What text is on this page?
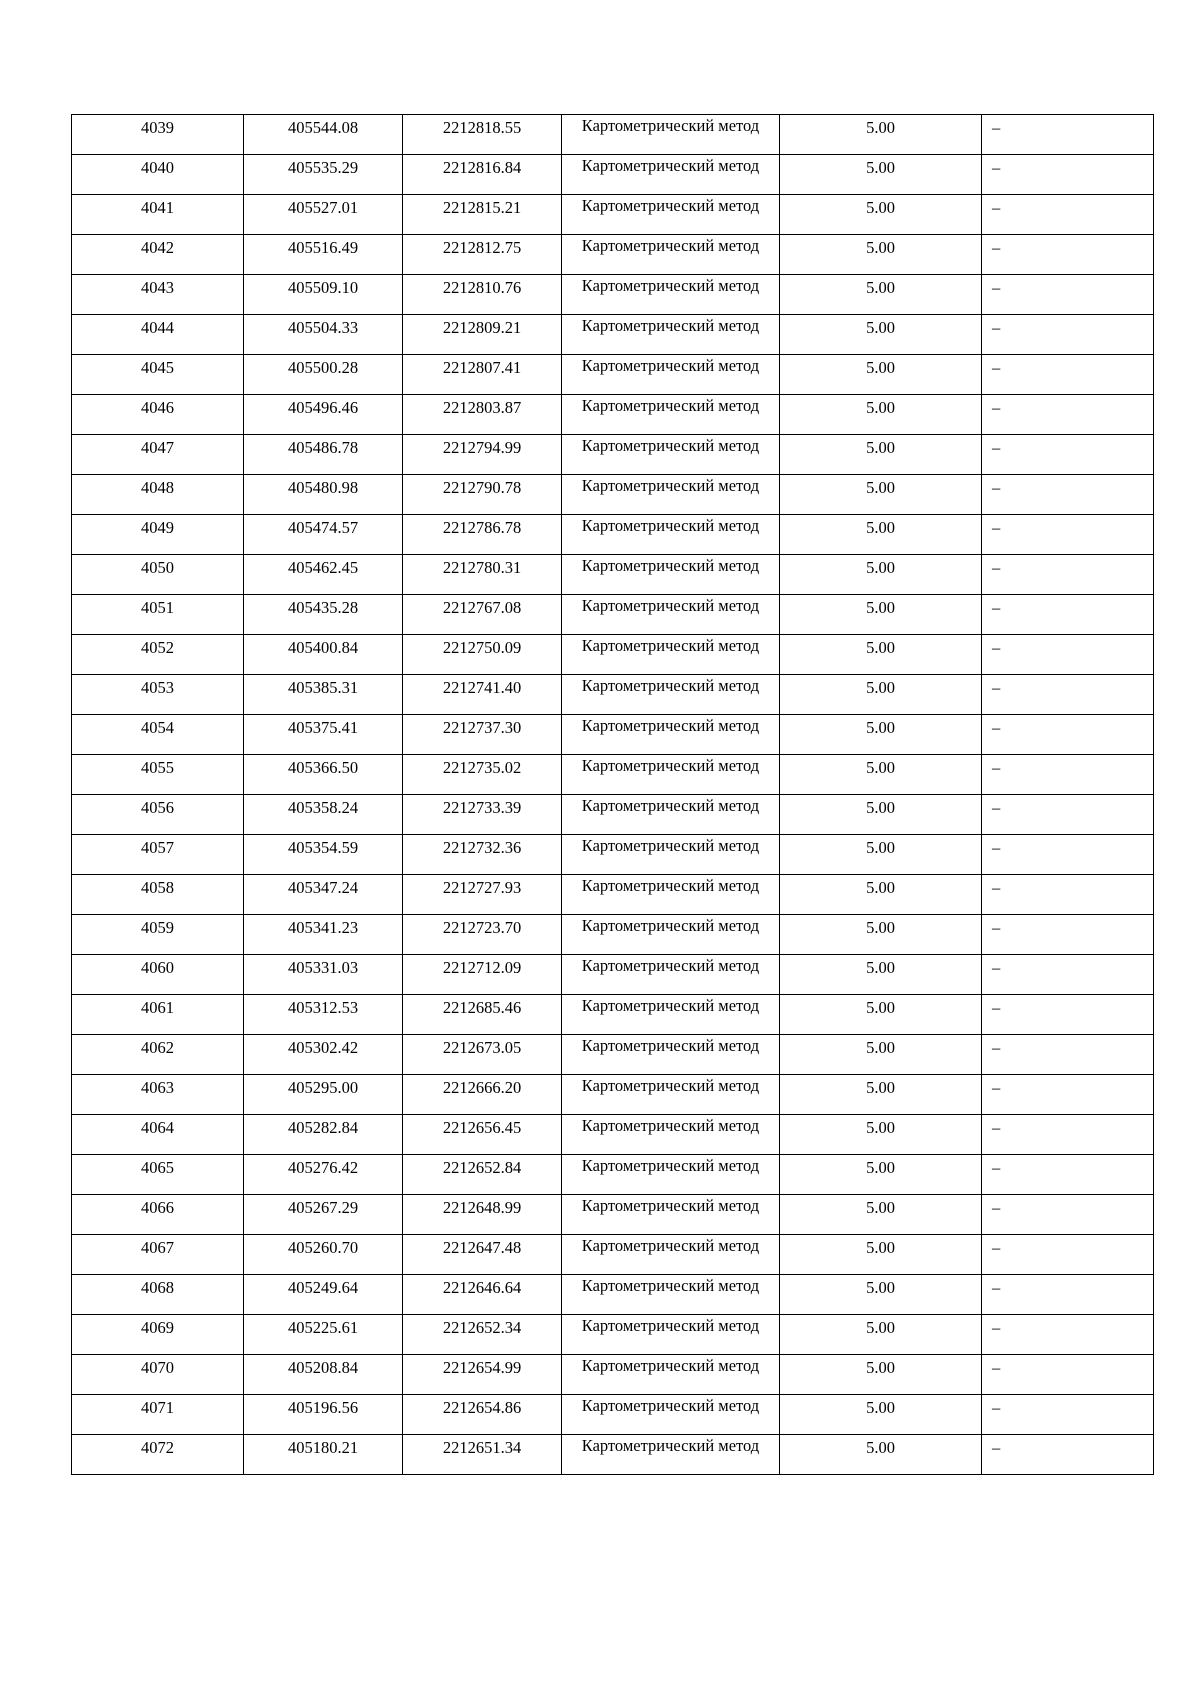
4039	405544.08	2212818.55	Картометрический метод	5.00	–
4040	405535.29	2212816.84	Картометрический метод	5.00	–
4041	405527.01	2212815.21	Картометрический метод	5.00	–
4042	405516.49	2212812.75	Картометрический метод	5.00	–
4043	405509.10	2212810.76	Картометрический метод	5.00	–
4044	405504.33	2212809.21	Картометрический метод	5.00	–
4045	405500.28	2212807.41	Картометрический метод	5.00	–
4046	405496.46	2212803.87	Картометрический метод	5.00	–
4047	405486.78	2212794.99	Картометрический метод	5.00	–
4048	405480.98	2212790.78	Картометрический метод	5.00	–
4049	405474.57	2212786.78	Картометрический метод	5.00	–
4050	405462.45	2212780.31	Картометрический метод	5.00	–
4051	405435.28	2212767.08	Картометрический метод	5.00	–
4052	405400.84	2212750.09	Картометрический метод	5.00	–
4053	405385.31	2212741.40	Картометрический метод	5.00	–
4054	405375.41	2212737.30	Картометрический метод	5.00	–
4055	405366.50	2212735.02	Картометрический метод	5.00	–
4056	405358.24	2212733.39	Картометрический метод	5.00	–
4057	405354.59	2212732.36	Картометрический метод	5.00	–
4058	405347.24	2212727.93	Картометрический метод	5.00	–
4059	405341.23	2212723.70	Картометрический метод	5.00	–
4060	405331.03	2212712.09	Картометрический метод	5.00	–
4061	405312.53	2212685.46	Картометрический метод	5.00	–
4062	405302.42	2212673.05	Картометрический метод	5.00	–
4063	405295.00	2212666.20	Картометрический метод	5.00	–
4064	405282.84	2212656.45	Картометрический метод	5.00	–
4065	405276.42	2212652.84	Картометрический метод	5.00	–
4066	405267.29	2212648.99	Картометрический метод	5.00	–
4067	405260.70	2212647.48	Картометрический метод	5.00	–
4068	405249.64	2212646.64	Картометрический метод	5.00	–
4069	405225.61	2212652.34	Картометрический метод	5.00	–
4070	405208.84	2212654.99	Картометрический метод	5.00	–
4071	405196.56	2212654.86	Картометрический метод	5.00	–
4072	405180.21	2212651.34	Картометрический метод	5.00	–
